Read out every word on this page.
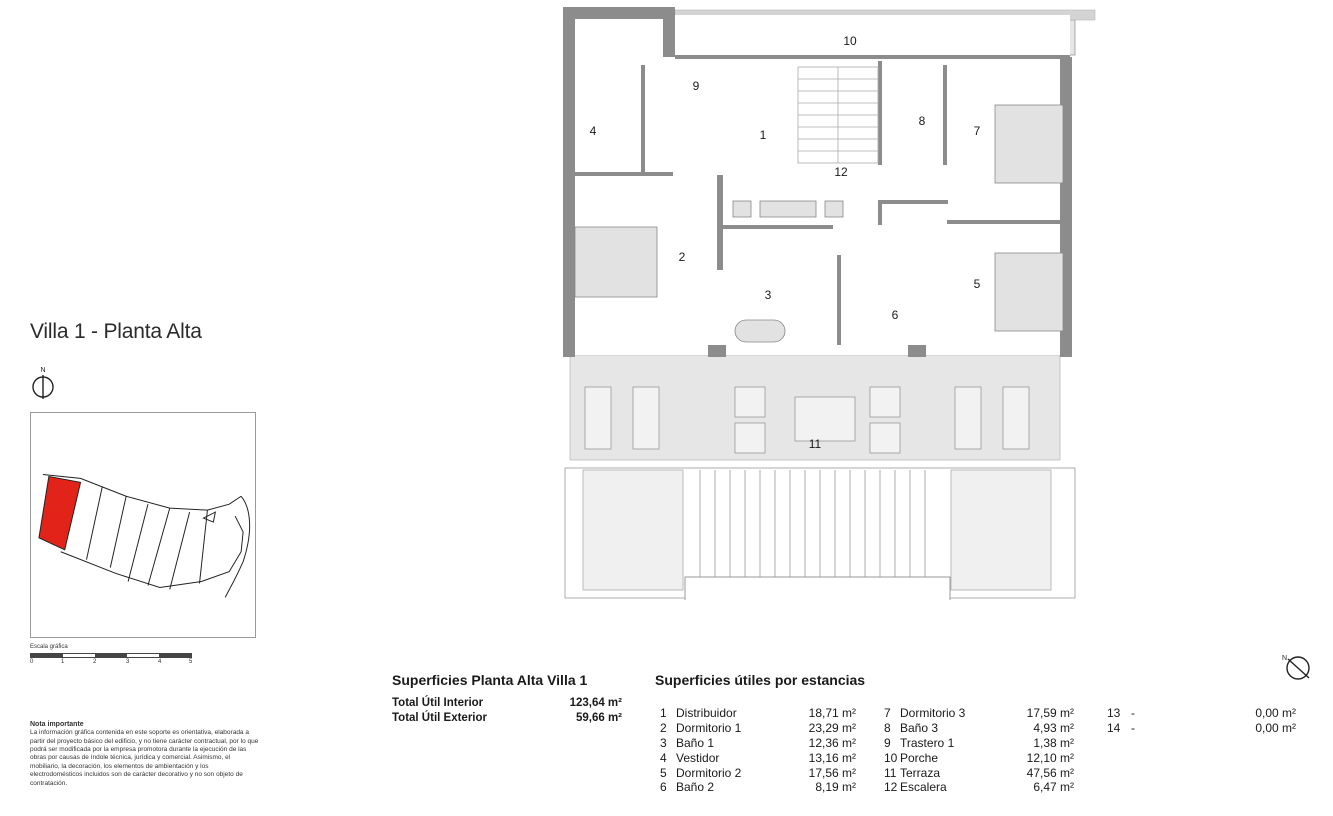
Villa 1 - Planta Alta
N
Escala gráfica
0	1	2	3	4	5
Nota importante
La información gráfica contenida en este soporte es orientativa, elaborada a partir del proyecto básico del edificio, y no tiene carácter contractual, por lo que podrá ser modificada por la empresa promotora durante la ejecución de las obras por causas de índole técnica, jurídica y comercial. Asimismo, el mobiliario, la decoración, los elementos de ambientación y los electrodomésticos incluidos son de carácter decorativo y no son objeto de contratación.
1
2
3
4
5
6
7
8
9
10
11
12
Superficies Planta Alta Villa 1
Total Útil Interior	123,64 m²
Total Útil Exterior	59,66 m²
Superficies útiles por estancias
1 Distribuidor	18,71 m²
2 Dormitorio 1	23,29 m²
3 Baño 1	12,36 m²
4 Vestidor	13,16 m²
5 Dormitorio 2	17,56 m²
6 Baño 2	8,19 m²
7 Dormitorio 3	17,59 m²
8 Baño 3	4,93 m²
9 Trastero 1	1,38 m²
10 Porche	12,10 m²
11 Terraza	47,56 m²
12 Escalera	6,47 m²
13 -	0,00 m²
14 -	0,00 m²
N
